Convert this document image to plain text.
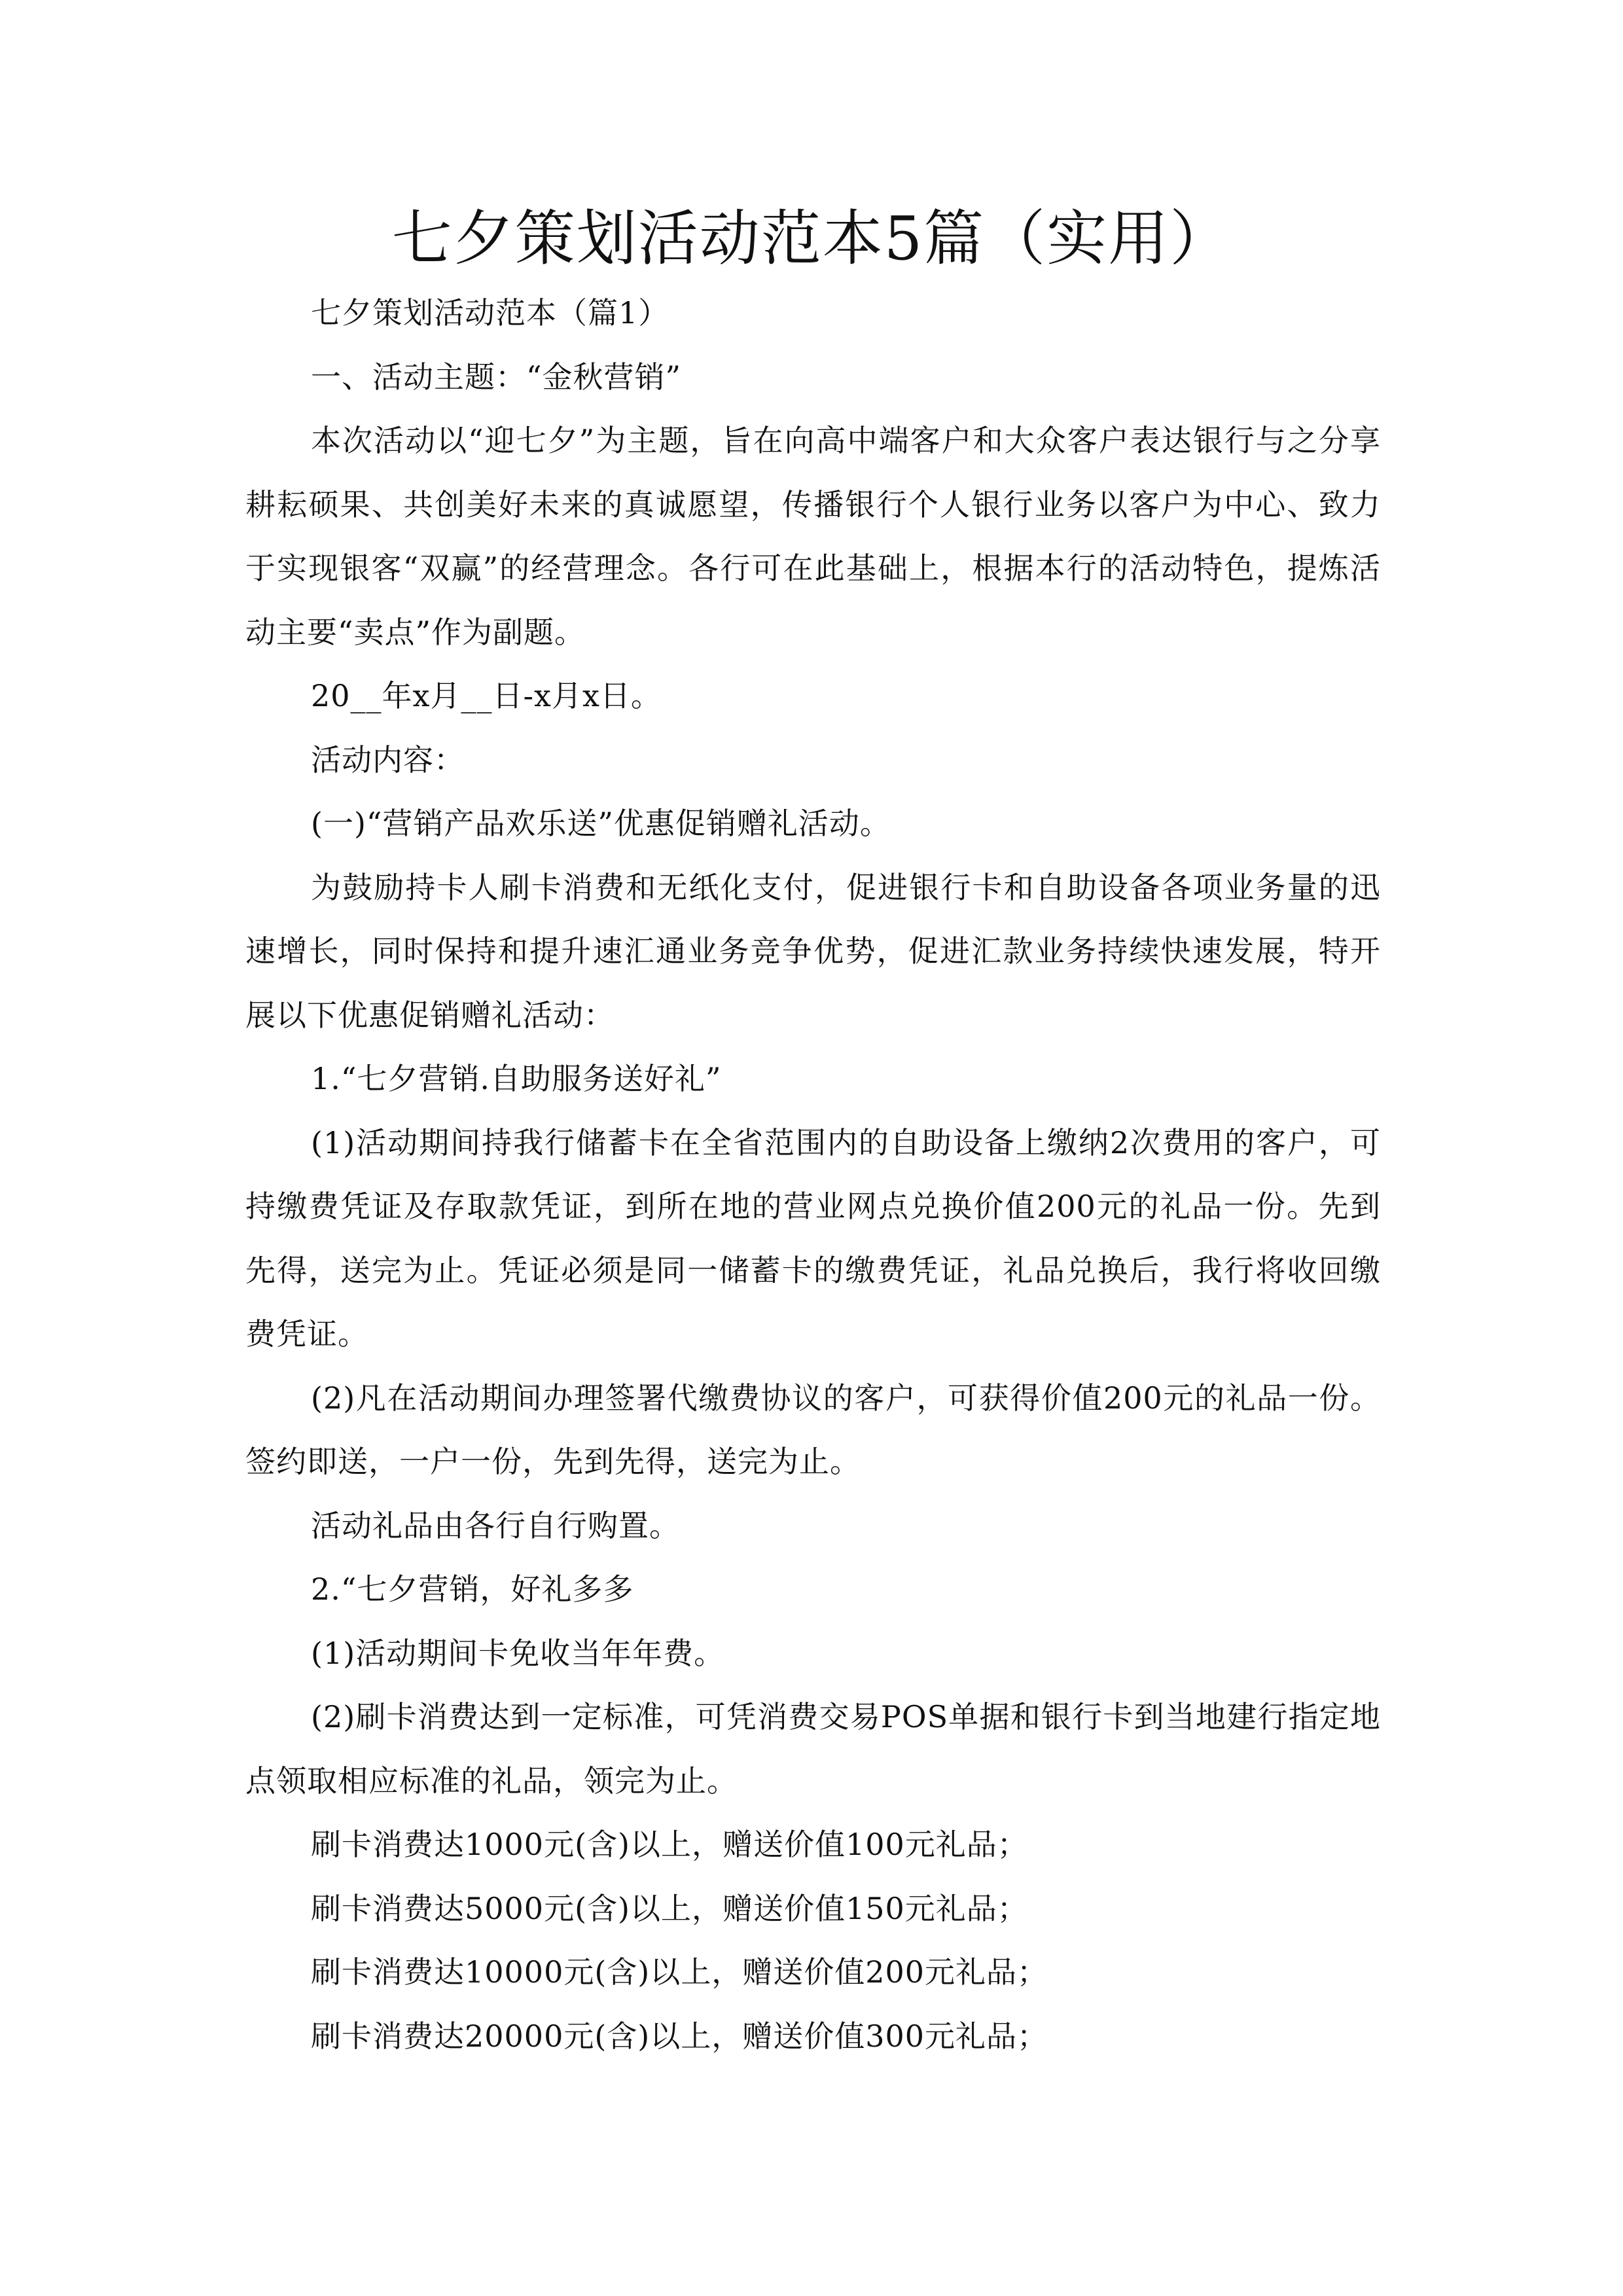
七夕策划活动范本5篇（实用）

七夕策划活动范本（篇1）

一、活动主题：“金秋营销”

本次活动以“迎七夕”为主题，旨在向高中端客户和大众客户表达银行与之分享耕耘硕果、共创美好未来的真诚愿望，传播银行个人银行业务以客户为中心、致力于实现银客“双赢”的经营理念。各行可在此基础上，根据本行的活动特色，提炼活动主要“卖点”作为副题。

20__年x月__日-x月x日。

活动内容：

(一)“营销产品欢乐送”优惠促销赠礼活动。

为鼓励持卡人刷卡消费和无纸化支付，促进银行卡和自助设备各项业务量的迅速增长，同时保持和提升速汇通业务竞争优势，促进汇款业务持续快速发展，特开展以下优惠促销赠礼活动：

1.“七夕营销.自助服务送好礼”

(1)活动期间持我行储蓄卡在全省范围内的自助设备上缴纳2次费用的客户，可持缴费凭证及存取款凭证，到所在地的营业网点兑换价值200元的礼品一份。先到先得，送完为止。凭证必须是同一储蓄卡的缴费凭证，礼品兑换后，我行将收回缴费凭证。

(2)凡在活动期间办理签署代缴费协议的客户，可获得价值200元的礼品一份。签约即送，一户一份，先到先得，送完为止。

活动礼品由各行自行购置。

2.“七夕营销，好礼多多

(1)活动期间卡免收当年年费。

(2)刷卡消费达到一定标准，可凭消费交易POS单据和银行卡到当地建行指定地点领取相应标准的礼品，领完为止。

刷卡消费达1000元(含)以上，赠送价值100元礼品；

刷卡消费达5000元(含)以上，赠送价值150元礼品；

刷卡消费达10000元(含)以上，赠送价值200元礼品；

刷卡消费达20000元(含)以上，赠送价值300元礼品；
